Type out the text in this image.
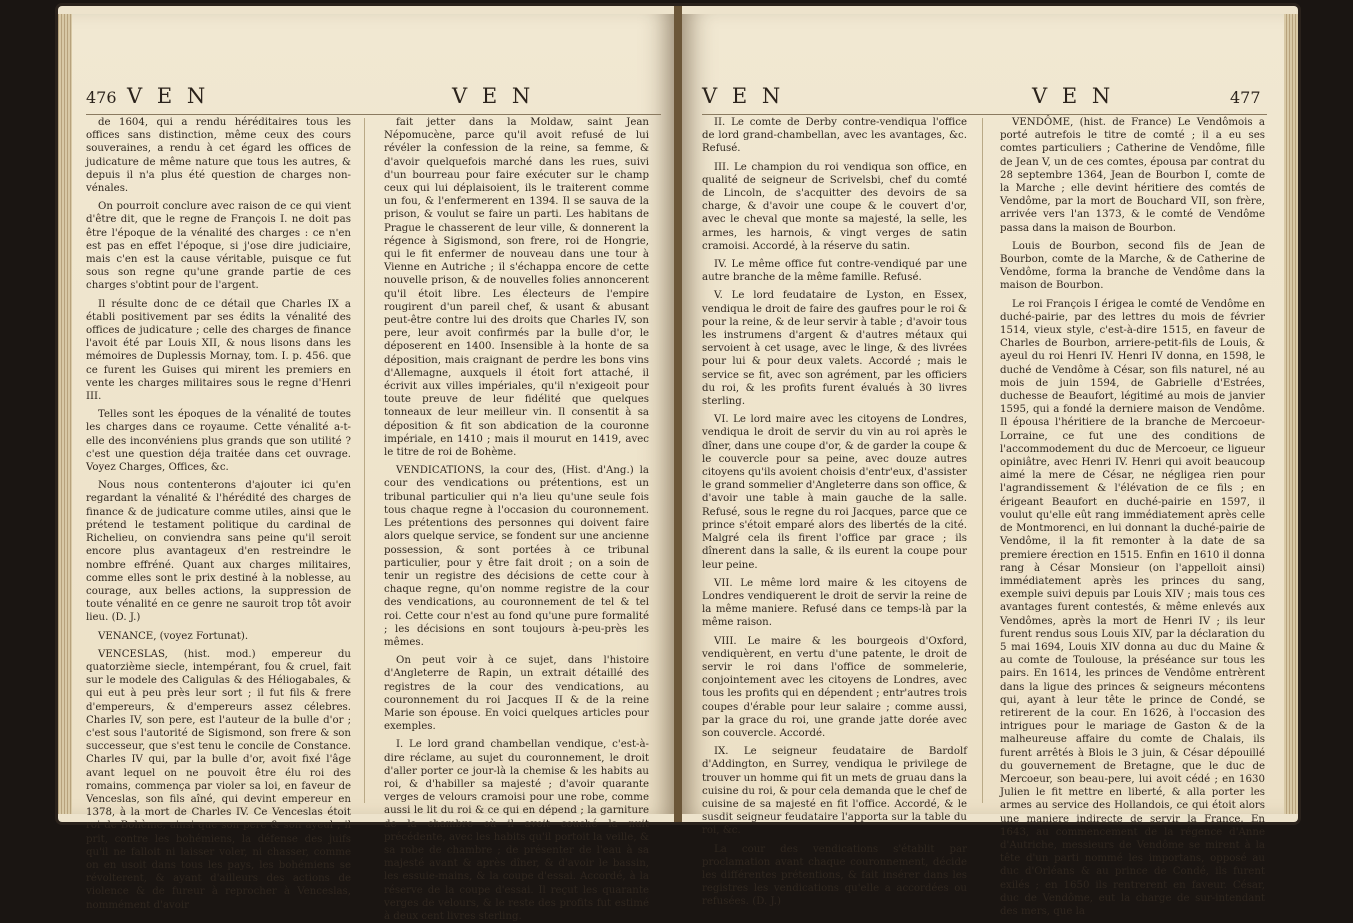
476 V E N	V E N

de 1604, qui a rendu héréditaires tous les offices sans distinction, même ceux des cours souveraines, a rendu à cet égard les offices de judicature de même nature que tous les autres, & depuis il n'a plus été question de charges non-vénales.

On pourroit conclure avec raison de ce qui vient d'être dit, que le regne de François I. ne doit pas être l'époque de la vénalité des charges : ce n'en est pas en effet l'époque, si j'ose dire judiciaire, mais c'en est la cause véritable, puisque ce fut sous son regne qu'une grande partie de ces charges s'obtint pour de l'argent.

Il résulte donc de ce détail que Charles IX a établi positivement par ses édits la vénalité des offices de judicature ; celle des charges de finance l'avoit été par Louis XII, & nous lisons dans les mémoires de Duplessis Mornay, tom. I. p. 456. que ce furent les Guises qui mirent les premiers en vente les charges militaires sous le regne d'Henri III.

Telles sont les époques de la vénalité de toutes les charges dans ce royaume. Cette vénalité a-t-elle des inconvéniens plus grands que son utilité ? c'est une question déja traitée dans cet ouvrage. Voyez Charges, Offices, &c.

Nous nous contenterons d'ajouter ici qu'en regardant la vénalité & l'hérédité des charges de finance & de judicature comme utiles, ainsi que le prétend le testament politique du cardinal de Richelieu, on conviendra sans peine qu'il seroit encore plus avantageux d'en restreindre le nombre effréné. Quant aux charges militaires, comme elles sont le prix destiné à la noblesse, au courage, aux belles actions, la suppression de toute vénalité en ce genre ne sauroit trop tôt avoir lieu. (D. J.)

VENANCE, (voyez Fortunat).

VENCESLAS, (hist. mod.) empereur du quatorzième siecle, intempérant, fou & cruel, fait sur le modele des Caligulas & des Héliogabales, & qui eut à peu près leur sort ; il fut fils & frere d'empereurs, & d'empereurs assez célebres. Charles IV, son pere, est l'auteur de la bulle d'or ; c'est sous l'autorité de Sigismond, son frere & son successeur, que s'est tenu le concile de Constance. Charles IV qui, par la bulle d'or, avoit fixé l'âge avant lequel on ne pouvoit être élu roi des romains, commença par violer sa loi, en faveur de Venceslas, son fils aîné, qui devint empereur en 1378, à la mort de Charles IV. Ce Venceslas étoit roi de Bohème, ainsi que son pere & son ayeul ; il prit, contre les bohémiens, la défense des juifs qu'il ne falloit ni laisser voler, ni chasser, comme on en usoit dans tous les pays, les bohémiens se révolterent, & ayant d'ailleurs des actions de violence & de fureur à reprocher à Venceslas, nommément d'avoir

fait jetter dans la Moldaw, saint Jean Népomucène, parce qu'il avoit refusé de lui révéler la confession de la reine, sa femme, & d'avoir quelquefois marché dans les rues, suivi d'un bourreau pour faire exécuter sur le champ ceux qui lui déplaisoient, ils le traiterent comme un fou, & l'enfermerent en 1394. Il se sauva de la prison, & voulut se faire un parti. Les habitans de Prague le chasserent de leur ville, & donnerent la régence à Sigismond, son frere, roi de Hongrie, qui le fit enfermer de nouveau dans une tour à Vienne en Autriche ; il s'échappa encore de cette nouvelle prison, & de nouvelles folies annoncerent qu'il étoit libre. Les électeurs de l'empire rougirent d'un pareil chef, & usant & abusant peut-être contre lui des droits que Charles IV, son pere, leur avoit confirmés par la bulle d'or, le déposerent en 1400. Insensible à la honte de sa déposition, mais craignant de perdre les bons vins d'Allemagne, auxquels il étoit fort attaché, il écrivit aux villes impériales, qu'il n'exigeoit pour toute preuve de leur fidélité que quelques tonneaux de leur meilleur vin. Il consentit à sa déposition & fit son abdication de la couronne impériale, en 1410 ; mais il mourut en 1419, avec le titre de roi de Bohème.

VENDICATIONS, la cour des, (Hist. d'Ang.) la cour des vendications ou prétentions, est un tribunal particulier qui n'a lieu qu'une seule fois tous chaque regne à l'occasion du couronnement. Les prétentions des personnes qui doivent faire alors quelque service, se fondent sur une ancienne possession, & sont portées à ce tribunal particulier, pour y être fait droit ; on a soin de tenir un registre des décisions de cette cour à chaque regne, qu'on nomme registre de la cour des vendications, au couronnement de tel & tel roi. Cette cour n'est au fond qu'une pure formalité ; les décisions en sont toujours à-peu-près les mêmes.

On peut voir à ce sujet, dans l'histoire d'Angleterre de Rapin, un extrait détaillé des registres de la cour des vendications, au couronnement du roi Jacques II & de la reine Marie son épouse. En voici quelques articles pour exemples.

I. Le lord grand chambellan vendique, c'est-à-dire réclame, au sujet du couronnement, le droit d'aller porter ce jour-là la chemise & les habits au roi, & d'habiller sa majesté ; d'avoir quarante verges de velours cramoisi pour une robe, comme aussi le lit du roi & ce qui en dépend ; la garniture de la chambre où il avoit couché la nuit précédente, avec les habits qu'il portoit la veille, & sa robe de chambre ; de présenter de l'eau à sa majesté avant & après dîner, & d'avoir le bassin, les essuie-mains, & la coupe d'essai. Accordé, à la réserve de la coupe d'essai. Il reçut les quarante verges de velours, & le reste des profits fut estimé à deux cent livres sterling.

V E N	V E N	477

II. Le comte de Derby contre-vendiqua l'office de lord grand-chambellan, avec les avantages, &c. Refusé.

III. Le champion du roi vendiqua son office, en qualité de seigneur de Scrivelsbi, chef du comté de Lincoln, de s'acquitter des devoirs de sa charge, & d'avoir une coupe & le couvert d'or, avec le cheval que monte sa majesté, la selle, les armes, les harnois, & vingt verges de satin cramoisi. Accordé, à la réserve du satin.

IV. Le même office fut contre-vendiqué par une autre branche de la même famille. Refusé.

V. Le lord feudataire de Lyston, en Essex, vendiqua le droit de faire des gaufres pour le roi & pour la reine, & de leur servir à table ; d'avoir tous les instrumens d'argent & d'autres métaux qui servoient à cet usage, avec le linge, & des livrées pour lui & pour deux valets. Accordé ; mais le service se fit, avec son agrément, par les officiers du roi, & les profits furent évalués à 30 livres sterling.

VI. Le lord maire avec les citoyens de Londres, vendiqua le droit de servir du vin au roi après le dîner, dans une coupe d'or, & de garder la coupe & le couvercle pour sa peine, avec douze autres citoyens qu'ils avoient choisis d'entr'eux, d'assister le grand sommelier d'Angleterre dans son office, & d'avoir une table à main gauche de la salle. Refusé, sous le regne du roi Jacques, parce que ce prince s'étoit emparé alors des libertés de la cité. Malgré cela ils firent l'office par grace ; ils dînerent dans la salle, & ils eurent la coupe pour leur peine.

VII. Le même lord maire & les citoyens de Londres vendiquerent le droit de servir la reine de la même maniere. Refusé dans ce temps-là par la même raison.

VIII. Le maire & les bourgeois d'Oxford, vendiquèrent, en vertu d'une patente, le droit de servir le roi dans l'office de sommelerie, conjointement avec les citoyens de Londres, avec tous les profits qui en dépendent ; entr'autres trois coupes d'érable pour leur salaire ; comme aussi, par la grace du roi, une grande jatte dorée avec son couvercle. Accordé.

IX. Le seigneur feudataire de Bardolf d'Addington, en Surrey, vendiqua le privilege de trouver un homme qui fit un mets de gruau dans la cuisine du roi, & pour cela demanda que le chef de cuisine de sa majesté en fit l'office. Accordé, & le susdit seigneur feudataire l'apporta sur la table du roi, &c.

La cour des vendications s'établit par proclamation avant chaque couronnement, décide les différentes prétentions, & fait insérer dans les registres les vendications qu'elle a accordées ou refusées. (D. J.)

VENDÔME, (hist. de France) Le Vendômois a porté autrefois le titre de comté ; il a eu ses comtes particuliers ; Catherine de Vendôme, fille de Jean V, un de ces comtes, épousa par contrat du 28 septembre 1364, Jean de Bourbon I, comte de la Marche ; elle devint héritiere des comtés de Vendôme, par la mort de Bouchard VII, son frère, arrivée vers l'an 1373, & le comté de Vendôme passa dans la maison de Bourbon.

Louis de Bourbon, second fils de Jean de Bourbon, comte de la Marche, & de Catherine de Vendôme, forma la branche de Vendôme dans la maison de Bourbon.

Le roi François I érigea le comté de Vendôme en duché-pairie, par des lettres du mois de février 1514, vieux style, c'est-à-dire 1515, en faveur de Charles de Bourbon, arriere-petit-fils de Louis, & ayeul du roi Henri IV. Henri IV donna, en 1598, le duché de Vendôme à César, son fils naturel, né au mois de juin 1594, de Gabrielle d'Estrées, duchesse de Beaufort, légitimé au mois de janvier 1595, qui a fondé la derniere maison de Vendôme. Il épousa l'héritiere de la branche de Mercoeur-Lorraine, ce fut une des conditions de l'accommodement du duc de Mercoeur, ce ligueur opiniâtre, avec Henri IV. Henri qui avoit beaucoup aimé la mere de César, ne négligea rien pour l'agrandissement & l'élévation de ce fils ; en érigeant Beaufort en duché-pairie en 1597, il voulut qu'elle eût rang immédiatement après celle de Montmorenci, en lui donnant la duché-pairie de Vendôme, il la fit remonter à la date de sa premiere érection en 1515. Enfin en 1610 il donna rang à César Monsieur (on l'appelloit ainsi) immédiatement après les princes du sang, exemple suivi depuis par Louis XIV ; mais tous ces avantages furent contestés, & même enlevés aux Vendômes, après la mort de Henri IV ; ils leur furent rendus sous Louis XIV, par la déclaration du 5 mai 1694, Louis XIV donna au duc du Maine & au comte de Toulouse, la préséance sur tous les pairs. En 1614, les princes de Vendôme entrèrent dans la ligue des princes & seigneurs mécontens qui, ayant à leur tête le prince de Condé, se retirerent de la cour. En 1626, à l'occasion des intrigues pour le mariage de Gaston & de la malheureuse affaire du comte de Chalais, ils furent arrêtés à Blois le 3 juin, & César dépouillé du gouvernement de Bretagne, que le duc de Mercoeur, son beau-pere, lui avoit cédé ; en 1630 Julien le fit mettre en liberté, & alla porter les armes au service des Hollandois, ce qui étoit alors une maniere indirecte de servir la France. En 1643, au commencement de la régence d'Anne d'Autriche, messieurs de Vendôme se mirent à la tête d'un parti nommé les importans, opposé au duc d'Orléans & au prince de Condé, ils furent exilés ; en 1650 ils rentrerent en faveur. César, duc de Vendôme, eut la charge de sur-intendant des mers, que la
